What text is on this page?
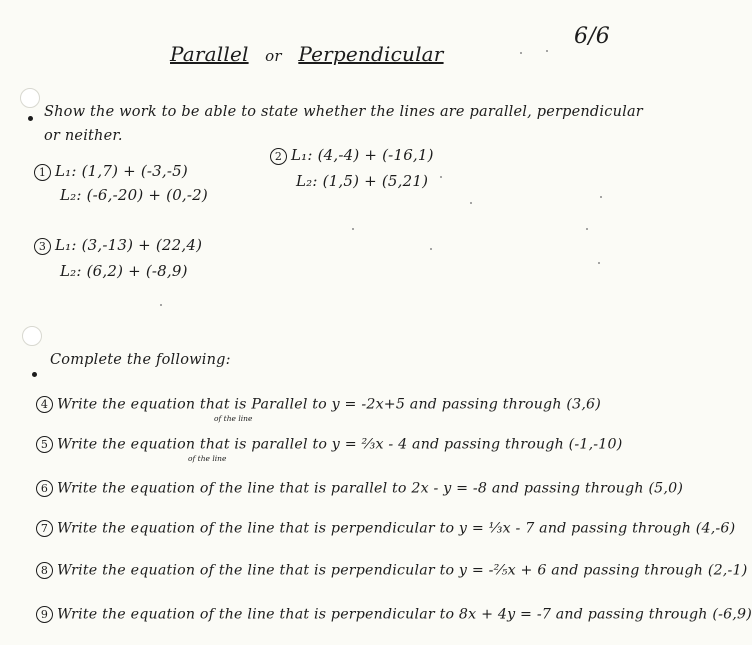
6/6
Parallel or Perpendicular
Show the work to be able to state whether the lines are parallel, perpendicular
or neither.
1 L₁: (1,7) + (-3,-5)
L₂: (-6,-20) + (0,-2)
2 L₁: (4,-4) + (-16,1)
L₂: (1,5) + (5,21)
3 L₁: (3,-13) + (22,4)
L₂: (6,2) + (-8,9)
Complete the following:
4 Write the equation that is Parallel to y = -2x+5 and passing through (3,6)
of the line
5 Write the equation that is parallel to y = ⅔x - 4 and passing through (-1,-10)
of the line
6 Write the equation of the line that is parallel to 2x - y = -8 and passing through (5,0)
7 Write the equation of the line that is perpendicular to y = ⅓x - 7 and passing through (4,-6)
8 Write the equation of the line that is perpendicular to y = -⅖x + 6 and passing through (2,-1)
9 Write the equation of the line that is perpendicular to 8x + 4y = -7 and passing through (-6,9)
